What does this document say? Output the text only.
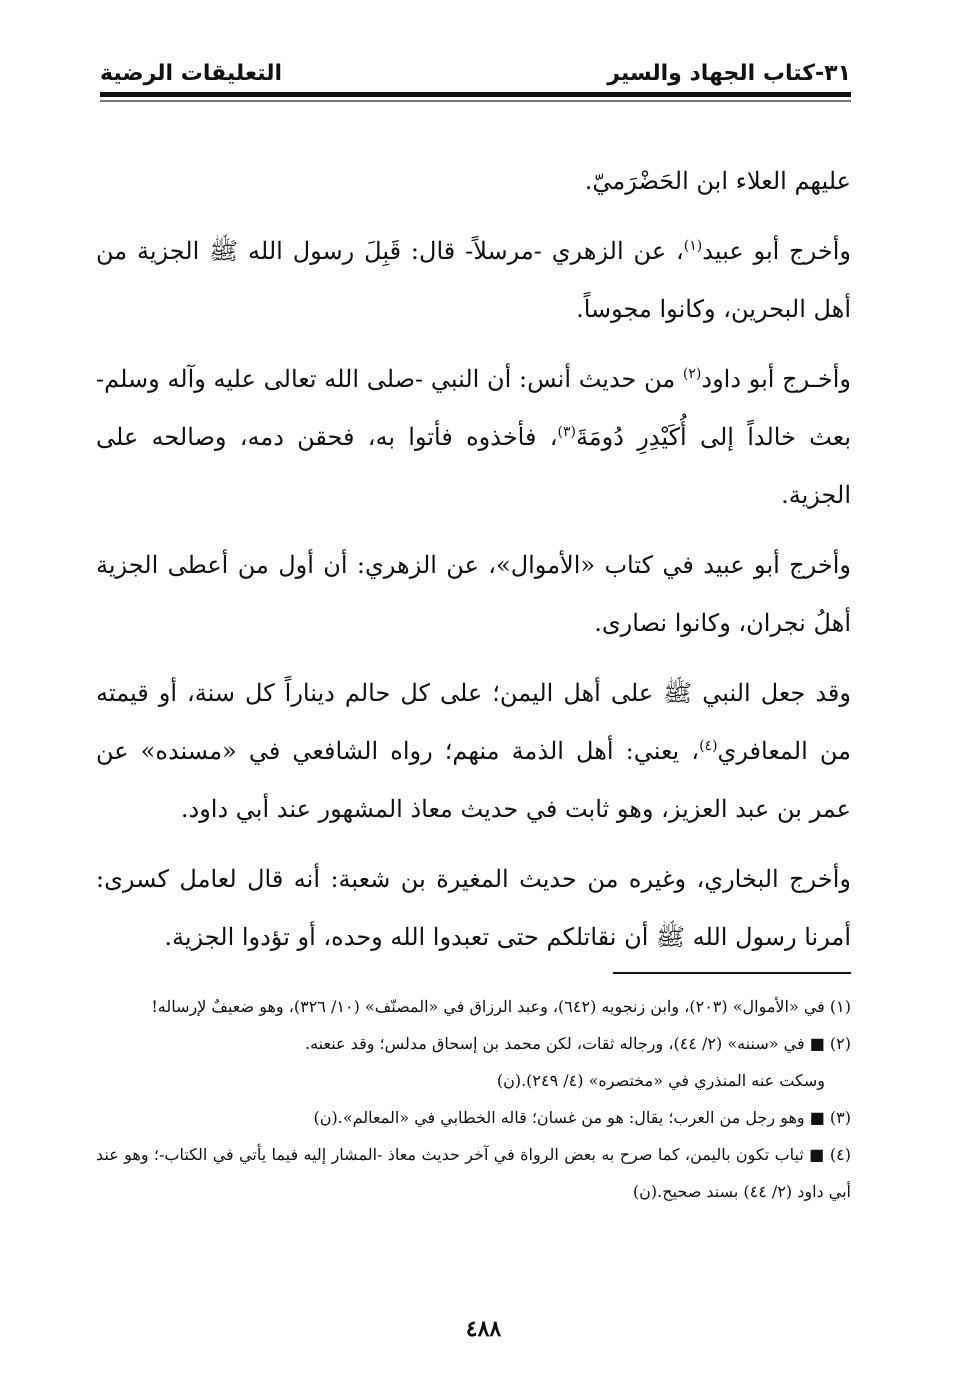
٣١-كتاب الجهاد والسير
التعليقات الرضية

عليهم العلاء ابن الحَضْرَميّ.

وأخرج أبو عبيد$^{(١)}$، عن الزهري -مرسلاً- قال: قَبِلَ رسول الله ﷺ الجزية من أهل البحرين، وكانوا مجوساً.

وأخـرج أبو داود$^{(٢)}$ من حديث أنس: أن النبي -صلى الله تعالى عليه وآله وسلم- بعث خالداً إلى أُكَيْدِرِ دُومَةَ$^{(٣)}$، فأخذوه فأتوا به، فحقن دمه، وصالحه على الجزية.

وأخرج أبو عبيد في كتاب «الأموال»، عن الزهري: أن أول من أعطى الجزية أهلُ نجران، وكانوا نصارى.

وقد جعل النبي ﷺ على أهل اليمن؛ على كل حالم ديناراً كل سنة، أو قيمته من المعافري$^{(٤)}$، يعني: أهل الذمة منهم؛ رواه الشافعي في «مسنده» عن عمر بن عبد العزيز، وهو ثابت في حديث معاذ المشهور عند أبي داود.

وأخرج البخاري، وغيره من حديث المغيرة بن شعبة: أنه قال لعامل كسرى: أمرنا رسول الله ﷺ أن نقاتلكم حتى تعبدوا الله وحده، أو تؤدوا الجزية.

(١) في «الأموال» (٢٠٣)، وابن زنجويه (٦٤٢)، وعبد الرزاق في «المصنّف» (١٠/ ٣٢٦)، وهو ضعيفٌ لإرساله!

(٢) ■ في «سننه» (٢/ ٤٤)، ورجاله ثقات، لكن محمد بن إسحاق مدلس؛ وقد عنعنه.

وسكت عنه المنذري في «مختصره» (٤/ ٢٤٩).(ن)

(٣) ■ وهو رجل من العرب؛ يقال: هو من غسان؛ قاله الخطابي في «المعالم».(ن)

(٤) ■ ثياب تكون باليمن، كما صرح به بعض الرواة في آخر حديث معاذ -المشار إليه فيما يأتي في الكتاب-؛ وهو عند أبي داود (٢/ ٤٤) بسند صحيح.(ن)

٤٨٨
